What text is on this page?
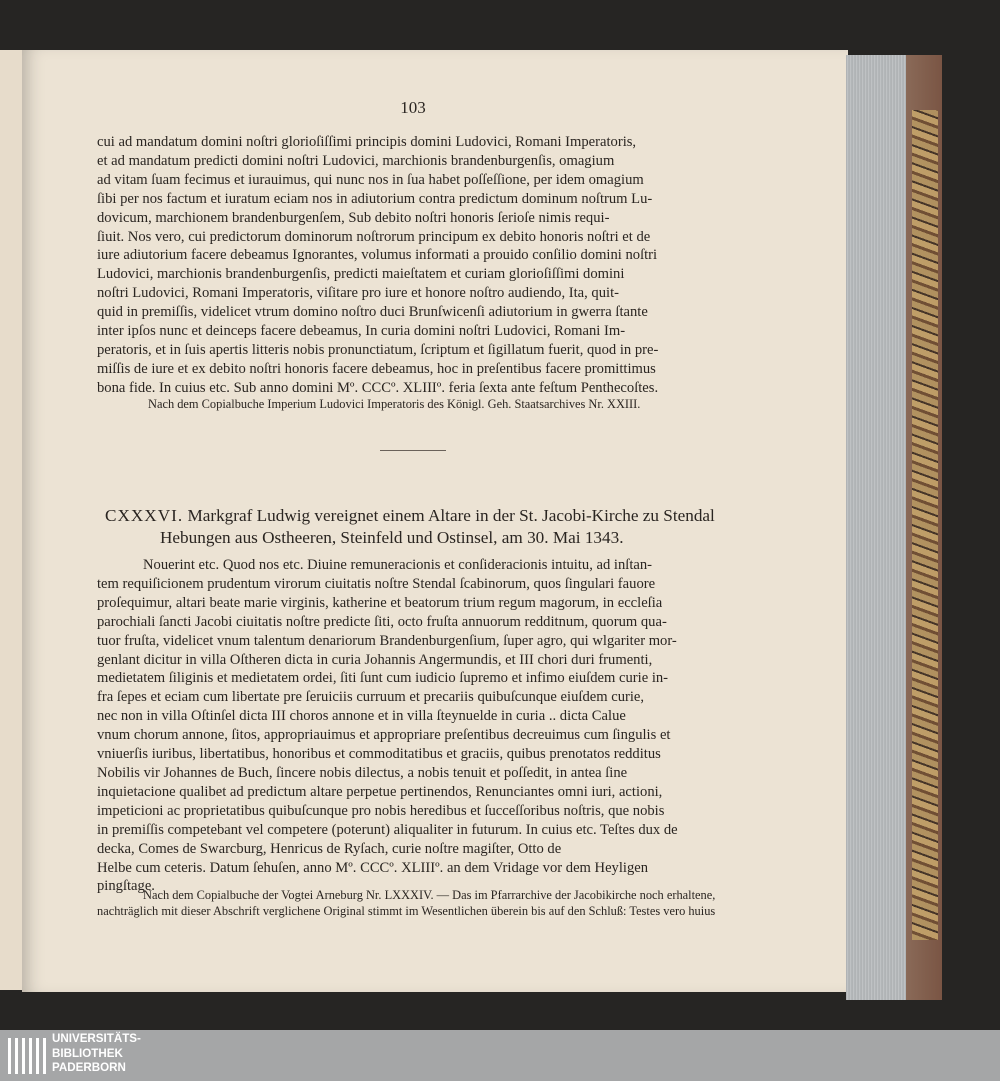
103

cui ad mandatum domini noſtri glorioſiſſimi principis domini Ludovici, Romani Imperatoris,

et ad mandatum predicti domini noſtri Ludovici, marchionis brandenburgenſis, omagium

ad vitam ſuam fecimus et iurauimus, qui nunc nos in ſua habet poſſeſſione, per idem omagium

ſibi per nos factum et iuratum eciam nos in adiutorium contra predictum dominum noſtrum Lu-

dovicum, marchionem brandenburgenſem, Sub debito noſtri honoris ſerioſe nimis requi-

ſiuit. Nos vero, cui predictorum dominorum noſtrorum principum ex debito honoris noſtri et de

iure adiutorium facere debeamus Ignorantes, volumus informati a prouido conſilio domini noſtri

Ludovici, marchionis brandenburgenſis, predicti maieſtatem et curiam glorioſiſſimi domini

noſtri Ludovici, Romani Imperatoris, viſitare pro iure et honore noſtro audiendo, Ita, quit-

quid in premiſſis, videlicet vtrum domino noſtro duci Brunſwicenſi adiutorium in gwerra ſtante

inter ipſos nunc et deinceps facere debeamus, In curia domini noſtri Ludovici, Romani Im-

peratoris, et in ſuis apertis litteris nobis pronunctiatum, ſcriptum et ſigillatum fuerit, quod in pre-

miſſis de iure et ex debito noſtri honoris facere debeamus, hoc in preſentibus facere promittimus

bona fide. In cuius etc. Sub anno domini Mº. CCCº. XLIIIº. feria ſexta ante feſtum Penthecoſtes.

Nach dem Copialbuche Imperium Ludovici Imperatoris des Königl. Geh. Staatsarchives Nr. XXIII.
CXXXVI. Markgraf Ludwig vereignet einem Altare in der St. Jacobi-Kirche zu Stendal
Hebungen aus Ostheeren, Steinfeld und Ostinsel, am 30. Mai 1343.

Nouerint etc. Quod nos etc. Diuine remuneracionis et conſideracionis intuitu, ad inſtan-

tem requiſicionem prudentum virorum ciuitatis noſtre Stendal ſcabinorum, quos ſingulari fauore

proſequimur, altari beate marie virginis, katherine et beatorum trium regum magorum, in eccleſia

parochiali ſancti Jacobi ciuitatis noſtre predicte ſiti, octo fruſta annuorum redditnum, quorum qua-

tuor fruſta, videlicet vnum talentum denariorum Brandenburgenſium, ſuper agro, qui wlgariter mor-

genlant dicitur in villa Oſtheren dicta in curia Johannis Angermundis, et III chori duri frumenti,

medietatem ſiliginis et medietatem ordei, ſiti ſunt cum iudicio ſupremo et infimo eiuſdem curie in-

fra ſepes et eciam cum libertate pre ſeruiciis curruum et precariis quibuſcunque eiuſdem curie,

nec non in villa Oſtinſel dicta III choros annone et in villa ſteynuelde in curia .. dicta Calue

vnum chorum annone, ſitos, appropriauimus et appropriare preſentibus decreuimus cum ſingulis et

vniuerſis iuribus, libertatibus, honoribus et commoditatibus et graciis, quibus prenotatos redditus

Nobilis vir Johannes de Buch, ſincere nobis dilectus, a nobis tenuit et poſſedit, in antea ſine

inquietacione qualibet ad predictum altare perpetue pertinendos, Renunciantes omni iuri, actioni,

impeticioni ac proprietatibus quibuſcunque pro nobis heredibus et ſucceſſoribus noſtris, que nobis

in premiſſis competebant vel competere (poterunt) aliqualiter in futurum. In cuius etc. Teſtes dux de

decka, Comes de Swarcburg, Henricus de Ryſach, curie noſtre magiſter, Otto de

Helbe cum ceteris. Datum ſehuſen, anno Mº. CCCº. XLIIIº. an dem Vridage vor dem Heyligen

pingſtage.

Nach dem Copialbuche der Vogtei Arneburg Nr. LXXXIV. — Das im Pfarrarchive der Jacobikirche noch erhaltene,
nachträglich mit dieser Abschrift verglichene Original stimmt im Wesentlichen überein bis auf den Schluß: Testes vero huius
UNIVERSITÄTS-
BIBLIOTHEK
PADERBORN
